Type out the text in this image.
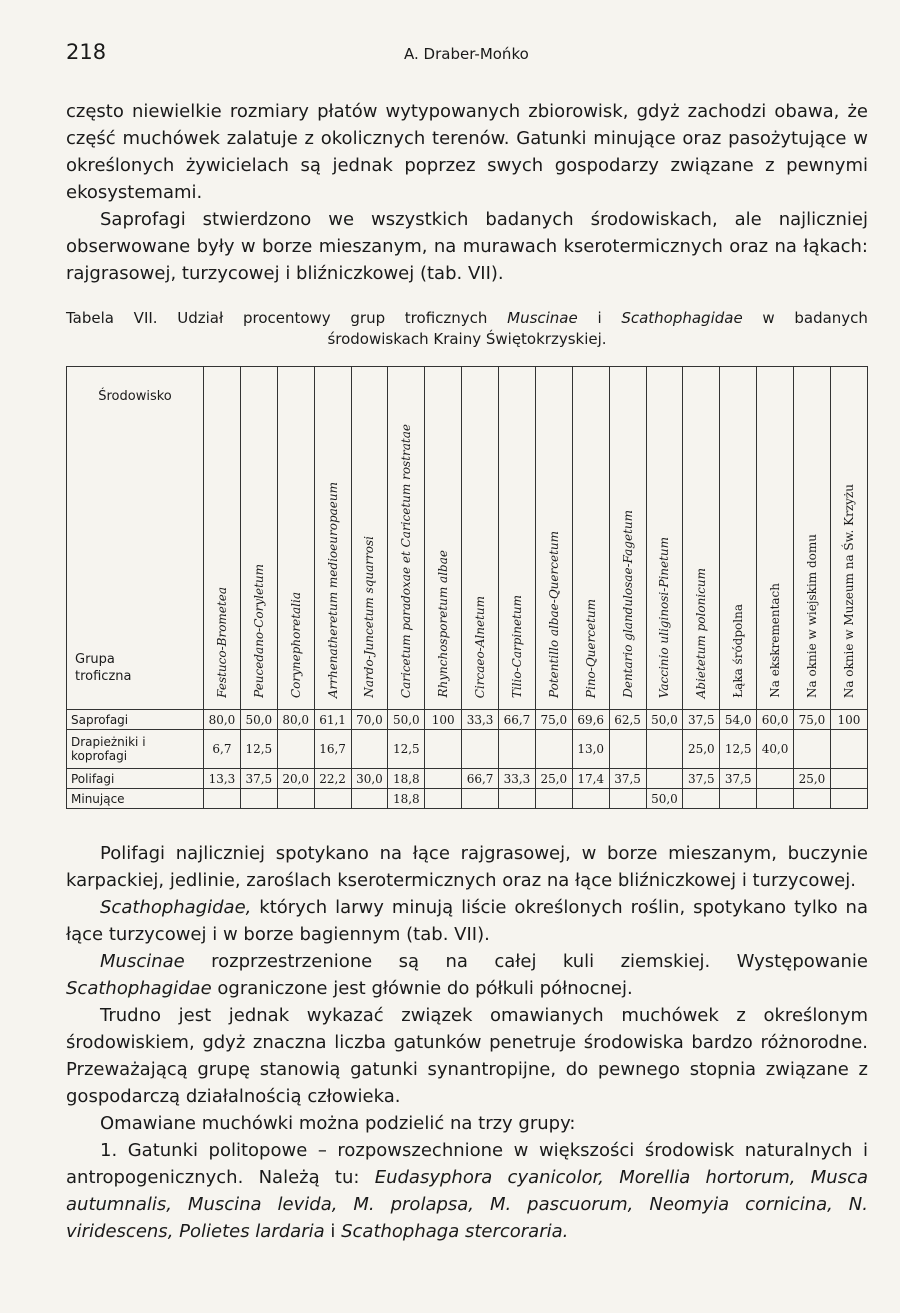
218	A. Draber-Mońko

często niewielkie rozmiary płatów wytypowanych zbiorowisk, gdyż zachodzi obawa, że część muchówek zalatuje z okolicznych terenów. Gatunki minujące oraz pasożytujące w określonych żywicielach są jednak poprzez swych gospodarzy związane z pewnymi ekosystemami.

Saprofagi stwierdzono we wszystkich badanych środowiskach, ale najliczniej obserwowane były w borze mieszanym, na murawach kserotermicznych oraz na łąkach: rajgrasowej, turzycowej i bliźniczkowej (tab. VII).

Tabela VII. Udział procentowy grup troficznych Muscinae i Scathophagidae w badanych
środowiskach Krainy Świętokrzyskiej.
Środowisko
Grupa
troficzna	Festuco-Brometea	Peucedano-Coryletum	Corynephoretalia	Arrhenatheretum medioeuropaeum	Nardo-Juncetum squarrosi	Caricetum paradoxae et Caricetum rostratae	Rhynchosporetum albae	Circaeo-Alnetum	Tilio-Carpinetum	Potentillo albae-Quercetum	Pino-Quercetum	Dentario glandulosae-Fagetum	Vaccinio uliginosi-Pinetum	Abietetum polonicum	Łąka śródpolna	Na ekskrementach	Na oknie w wiejskim domu	Na oknie w Muzeum na Św. Krzyżu
Saprofagi	80,0	50,0	80,0	61,1	70,0	50,0	100	33,3	66,7	75,0	69,6	62,5	50,0	37,5	54,0	60,0	75,0	100
Drapieżniki i koprofagi	6,7	12,5		16,7		12,5					13,0			25,0	12,5	40,0		
Polifagi	13,3	37,5	20,0	22,2	30,0	18,8		66,7	33,3	25,0	17,4	37,5		37,5	37,5		25,0	
Minujące						18,8							50,0					

Polifagi najliczniej spotykano na łące rajgrasowej, w borze mieszanym, buczynie karpackiej, jedlinie, zaroślach kserotermicznych oraz na łące bliźniczkowej i turzycowej.

Scathophagidae, których larwy minują liście określonych roślin, spotykano tylko na łące turzycowej i w borze bagiennym (tab. VII).

Muscinae rozprzestrzenione są na całej kuli ziemskiej. Występowanie Scathophagidae ograniczone jest głównie do półkuli północnej.

Trudno jest jednak wykazać związek omawianych muchówek z określonym środowiskiem, gdyż znaczna liczba gatunków penetruje środowiska bardzo różnorodne. Przeważającą grupę stanowią gatunki synantropijne, do pewnego stopnia związane z gospodarczą działalnością człowieka.

Omawiane muchówki można podzielić na trzy grupy:

1. Gatunki politopowe – rozpowszechnione w większości środowisk naturalnych i antropogenicznych. Należą tu: Eudasyphora cyanicolor, Morellia hortorum, Musca autumnalis, Muscina levida, M. prolapsa, M. pascuorum, Neomyia cornicina, N. viridescens, Polietes lardaria i Scathophaga stercoraria.
